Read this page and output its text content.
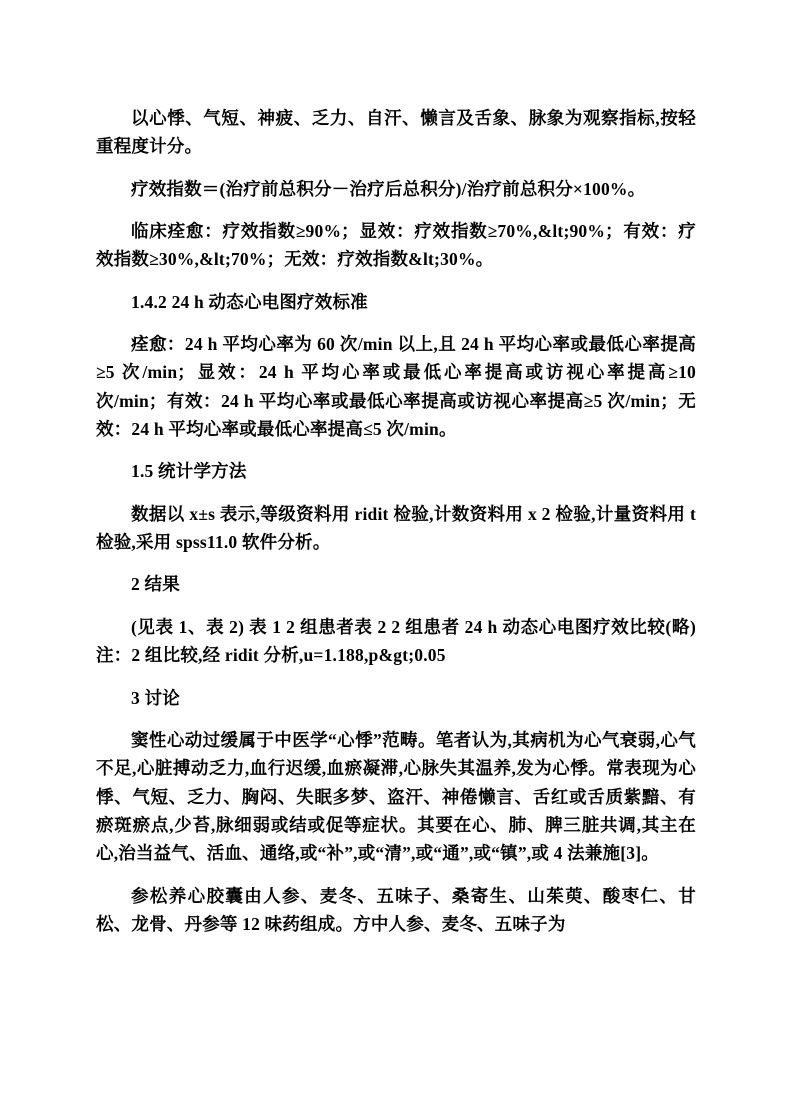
以心悸、气短、神疲、乏力、自汗、懒言及舌象、脉象为观察指标,按轻重程度计分。

疗效指数＝(治疗前总积分－治疗后总积分)/治疗前总积分×100%。

临床痊愈：疗效指数≥90%；显效：疗效指数≥70%,&lt;90%；有效：疗效指数≥30%,&lt;70%；无效：疗效指数&lt;30%。

1.4.2 24 h 动态心电图疗效标准

痊愈：24 h 平均心率为 60 次/min 以上,且 24 h 平均心率或最低心率提高≥5 次/min；显效：24 h 平均心率或最低心率提高或访视心率提高≥10 次/min；有效：24 h 平均心率或最低心率提高或访视心率提高≥5 次/min；无效：24 h 平均心率或最低心率提高≤5 次/min。

1.5 统计学方法

数据以 x±s 表示,等级资料用 ridit 检验,计数资料用 x 2 检验,计量资料用 t 检验,采用 spss11.0 软件分析。

2 结果

(见表 1、表 2) 表 1 2 组患者表 2 2 组患者 24 h 动态心电图疗效比较(略)注：2 组比较,经 ridit 分析,u=1.188,p&gt;0.05

3 讨论

窦性心动过缓属于中医学“心悸”范畴。笔者认为,其病机为心气衰弱,心气不足,心脏搏动乏力,血行迟缓,血瘀凝滞,心脉失其温养,发为心悸。常表现为心悸、气短、乏力、胸闷、失眠多梦、盗汗、神倦懒言、舌红或舌质紫黯、有瘀斑瘀点,少苔,脉细弱或结或促等症状。其要在心、肺、脾三脏共调,其主在心,治当益气、活血、通络,或“补”,或“清”,或“通”,或“镇”,或 4 法兼施[3]。

参松养心胶囊由人参、麦冬、五味子、桑寄生、山茱萸、酸枣仁、甘松、龙骨、丹参等 12 味药组成。方中人参、麦冬、五味子为
